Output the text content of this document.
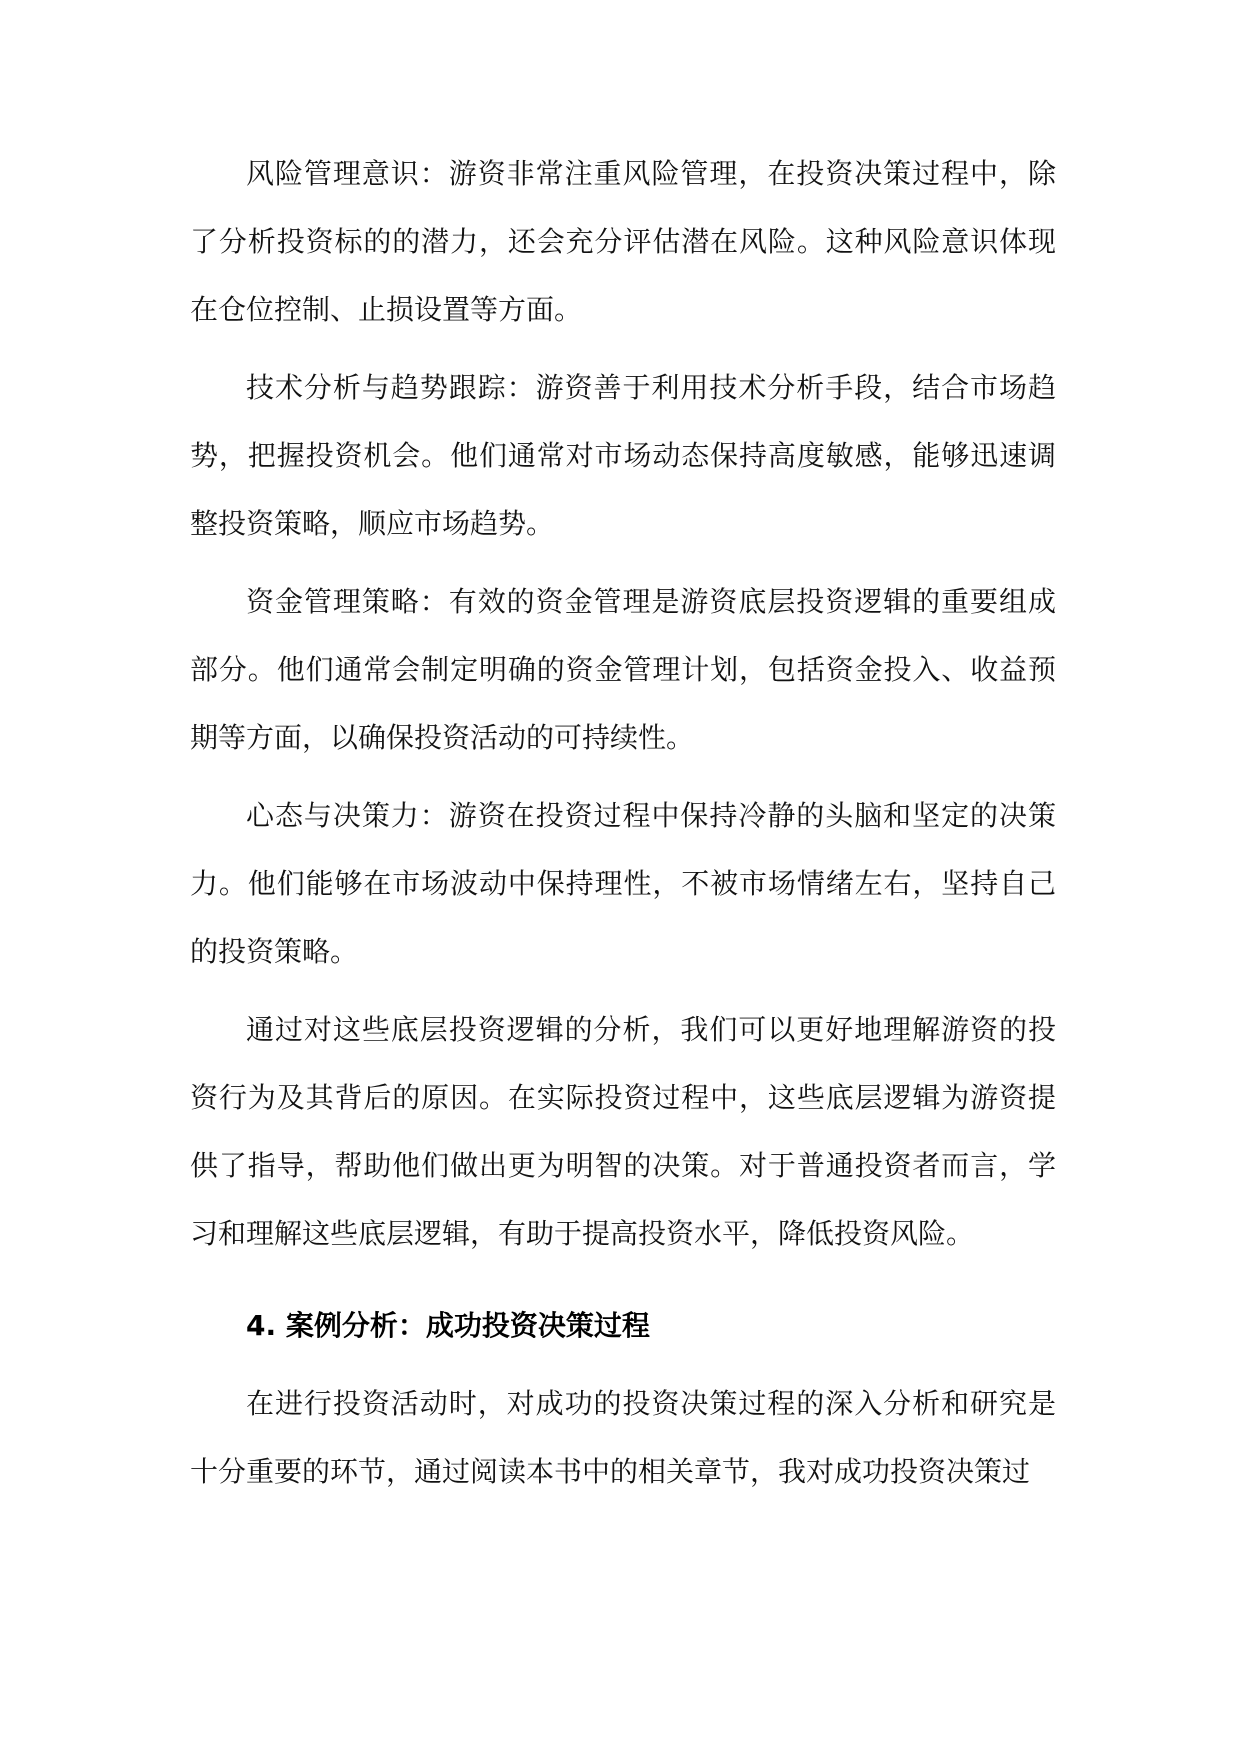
风险管理意识：游资非常注重风险管理，在投资决策过程中，除了分析投资标的的潜力，还会充分评估潜在风险。这种风险意识体现在仓位控制、止损设置等方面。

技术分析与趋势跟踪：游资善于利用技术分析手段，结合市场趋势，把握投资机会。他们通常对市场动态保持高度敏感，能够迅速调整投资策略，顺应市场趋势。

资金管理策略：有效的资金管理是游资底层投资逻辑的重要组成部分。他们通常会制定明确的资金管理计划，包括资金投入、收益预期等方面，以确保投资活动的可持续性。

心态与决策力：游资在投资过程中保持冷静的头脑和坚定的决策力。他们能够在市场波动中保持理性，不被市场情绪左右，坚持自己的投资策略。

通过对这些底层投资逻辑的分析，我们可以更好地理解游资的投资行为及其背后的原因。在实际投资过程中，这些底层逻辑为游资提供了指导，帮助他们做出更为明智的决策。对于普通投资者而言，学习和理解这些底层逻辑，有助于提高投资水平，降低投资风险。

4. 案例分析：成功投资决策过程

在进行投资活动时，对成功的投资决策过程的深入分析和研究是十分重要的环节，通过阅读本书中的相关章节，我对成功投资决策过
